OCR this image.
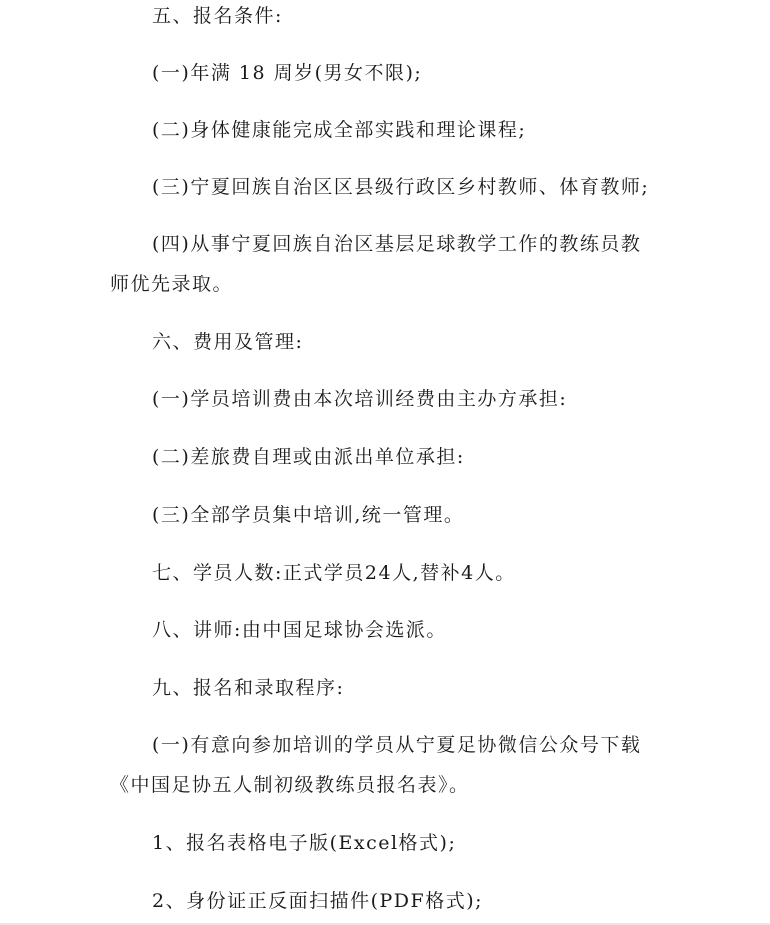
五、报名条件:
(一)年满 18 周岁(男女不限);
(二)身体健康能完成全部实践和理论课程;
(三)宁夏回族自治区区县级行政区乡村教师、体育教师;
(四)从事宁夏回族自治区基层足球教学工作的教练员教
师优先录取。
六、费用及管理:
(一)学员培训费由本次培训经费由主办方承担:
(二)差旅费自理或由派出单位承担:
(三)全部学员集中培训,统一管理。
七、学员人数:正式学员24人,替补4人。
八、讲师:由中国足球协会选派。
九、报名和录取程序:
(一)有意向参加培训的学员从宁夏足协微信公众号下载
《中国足协五人制初级教练员报名表》。
1、报名表格电子版(Excel格式);
2、身份证正反面扫描件(PDF格式);
